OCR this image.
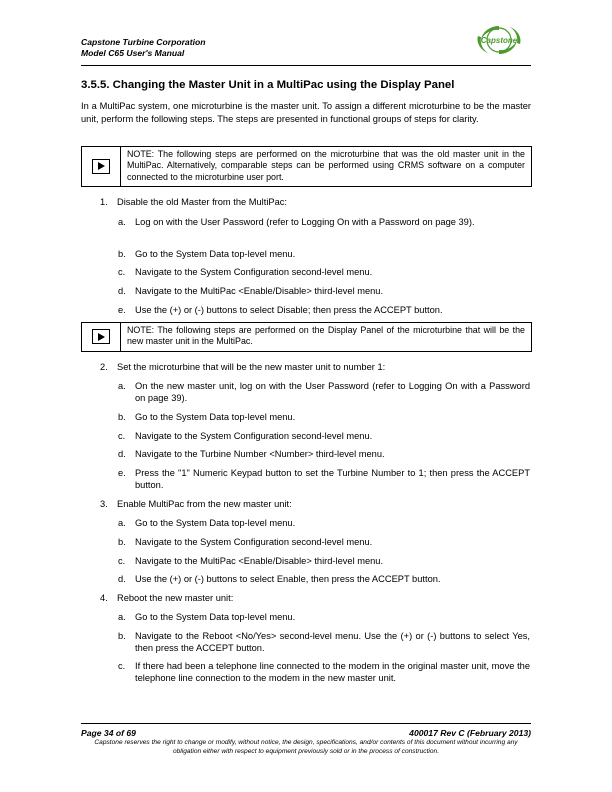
Capstone Turbine Corporation
Model C65 User's Manual
Capstone
3.5.5. Changing the Master Unit in a MultiPac using the Display Panel
In a MultiPac system, one microturbine is the master unit. To assign a different microturbine to be the master unit, perform the following steps. The steps are presented in functional groups of steps for clarity.
NOTE: The following steps are performed on the microturbine that was the old master unit in the MultiPac. Alternatively, comparable steps can be performed using CRMS software on a computer connected to the microturbine user port.
1. Disable the old Master from the MultiPac:
a. Log on with the User Password (refer to Logging On with a Password on page 39).
b. Go to the System Data top-level menu.
c. Navigate to the System Configuration second-level menu.
d. Navigate to the MultiPac <Enable/Disable> third-level menu.
e. Use the (+) or (-) buttons to select Disable; then press the ACCEPT button.
NOTE: The following steps are performed on the Display Panel of the microturbine that will be the new master unit in the MultiPac.
2. Set the microturbine that will be the new master unit to number 1:
a. On the new master unit, log on with the User Password (refer to Logging On with a Password on page 39).
b. Go to the System Data top-level menu.
c. Navigate to the System Configuration second-level menu.
d. Navigate to the Turbine Number <Number> third-level menu.
e. Press the "1" Numeric Keypad button to set the Turbine Number to 1; then press the ACCEPT button.
3. Enable MultiPac from the new master unit:
a. Go to the System Data top-level menu.
b. Navigate to the System Configuration second-level menu.
c. Navigate to the MultiPac <Enable/Disable> third-level menu.
d. Use the (+) or (-) buttons to select Enable, then press the ACCEPT button.
4. Reboot the new master unit:
a. Go to the System Data top-level menu.
b. Navigate to the Reboot <No/Yes> second-level menu. Use the (+) or (-) buttons to select Yes, then press the ACCEPT button.
c. If there had been a telephone line connected to the modem in the original master unit, move the telephone line connection to the modem in the new master unit.
Page 34 of 69	400017 Rev C (February 2013)
Capstone reserves the right to change or modify, without notice, the design, specifications, and/or contents of this document without incurring any obligation either with respect to equipment previously sold or in the process of construction.
